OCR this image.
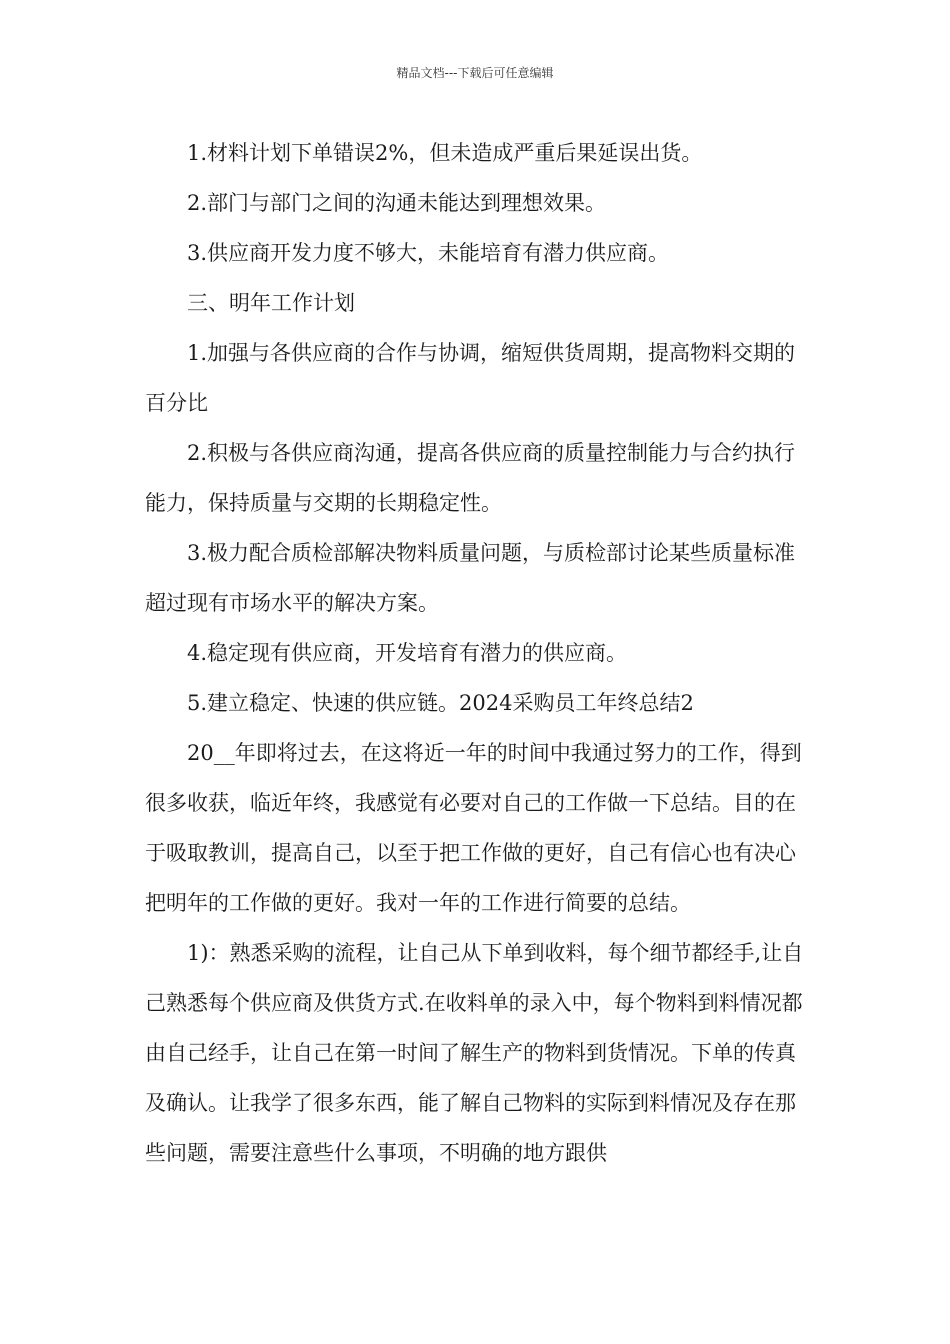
精品文档---下载后可任意编辑

1.材料计划下单错误2%，但未造成严重后果延误出货。

2.部门与部门之间的沟通未能达到理想效果。

3.供应商开发力度不够大，未能培育有潜力供应商。

三、明年工作计划

1.加强与各供应商的合作与协调，缩短供货周期，提高物料交期的百分比

2.积极与各供应商沟通，提高各供应商的质量控制能力与合约执行能力，保持质量与交期的长期稳定性。

3.极力配合质检部解决物料质量问题，与质检部讨论某些质量标准超过现有市场水平的解决方案。

4.稳定现有供应商，开发培育有潜力的供应商。

5.建立稳定、快速的供应链。2024采购员工年终总结2

20__年即将过去，在这将近一年的时间中我通过努力的工作，得到很多收获，临近年终，我感觉有必要对自己的工作做一下总结。目的在于吸取教训，提高自己，以至于把工作做的更好，自己有信心也有决心把明年的工作做的更好。我对一年的工作进行简要的总结。

1)：熟悉采购的流程，让自己从下单到收料，每个细节都经手,让自己熟悉每个供应商及供货方式.在收料单的录入中，每个物料到料情况都由自己经手，让自己在第一时间了解生产的物料到货情况。下单的传真及确认。让我学了很多东西，能了解自己物料的实际到料情况及存在那些问题，需要注意些什么事项，不明确的地方跟供
